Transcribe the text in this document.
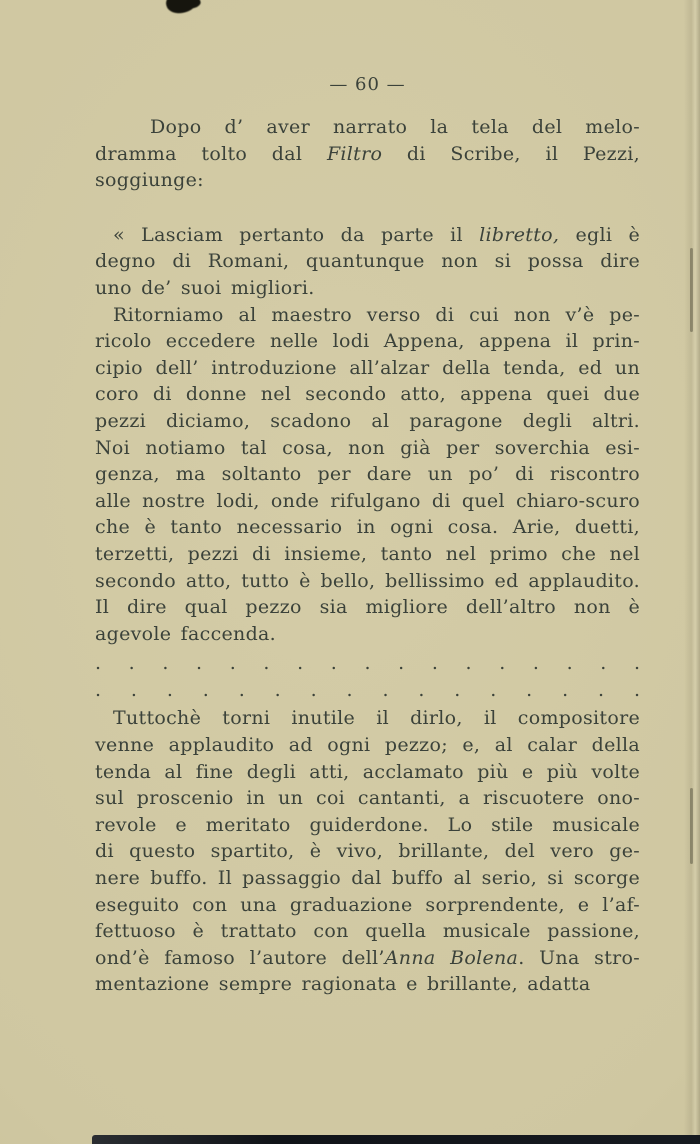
— 60 —
Dopo d’ aver narrato la tela del melo-
dramma tolto dal Filtro di Scribe, il Pezzi,
soggiunge:
« Lasciam pertanto da parte il libretto, egli è
degno di Romani, quantunque non si possa dire
uno de’ suoi migliori.
Ritorniamo al maestro verso di cui non v’è pe-
ricolo eccedere nelle lodi Appena, appena il prin-
cipio dell’ introduzione all’alzar della tenda, ed un
coro di donne nel secondo atto, appena quei due
pezzi diciamo, scadono al paragone degli altri.
Noi notiamo tal cosa, non già per soverchia esi-
genza, ma soltanto per dare un po’ di riscontro
alle nostre lodi, onde rifulgano di quel chiaro-scuro
che è tanto necessario in ogni cosa. Arie, duetti,
terzetti, pezzi di insieme, tanto nel primo che nel
secondo atto, tutto è bello, bellissimo ed applaudito.
Il dire qual pezzo sia migliore dell’altro non è
agevole faccenda.
. . . . . . . . . . . . . . . . .
. . . . . . . . . . . . . . . .
Tuttochè torni inutile il dirlo, il compositore
venne applaudito ad ogni pezzo; e, al calar della
tenda al fine degli atti, acclamato più e più volte
sul proscenio in un coi cantanti, a riscuotere ono-
revole e meritato guiderdone. Lo stile musicale
di questo spartito, è vivo, brillante, del vero ge-
nere buffo. Il passaggio dal buffo al serio, si scorge
eseguito con una graduazione sorprendente, e l’af-
fettuoso è trattato con quella musicale passione,
ond’è famoso l’autore dell’Anna Bolena. Una stro-
mentazione sempre ragionata e brillante, adatta
